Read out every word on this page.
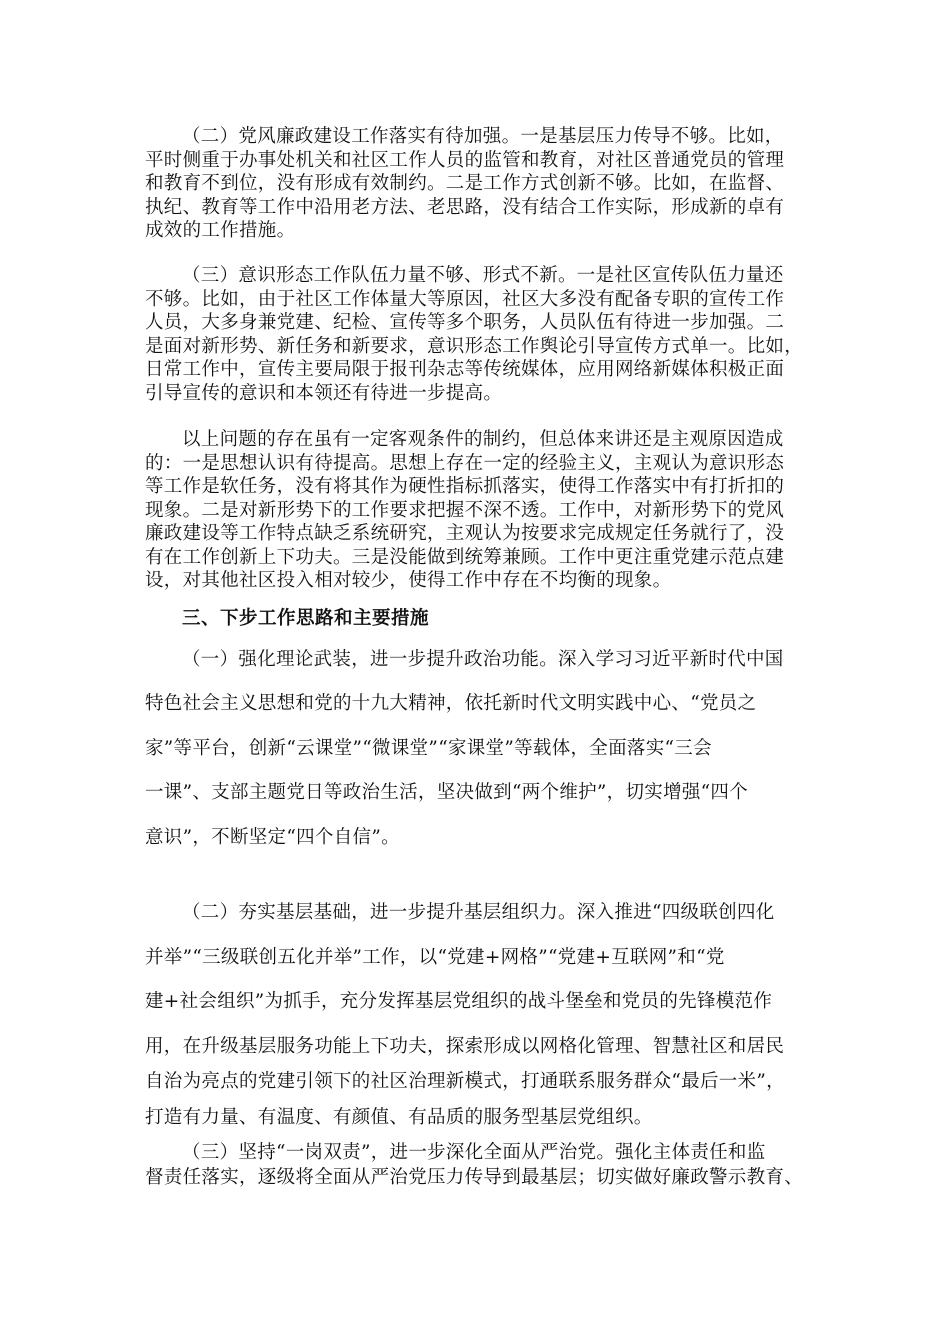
（二）党风廉政建设工作落实有待加强。一是基层压力传导不够。比如，
平时侧重于办事处机关和社区工作人员的监管和教育，对社区普通党员的管理
和教育不到位，没有形成有效制约。二是工作方式创新不够。比如，在监督、
执纪、教育等工作中沿用老方法、老思路，没有结合工作实际，形成新的卓有
成效的工作措施。
（三）意识形态工作队伍力量不够、形式不新。一是社区宣传队伍力量还
不够。比如，由于社区工作体量大等原因，社区大多没有配备专职的宣传工作
人员，大多身兼党建、纪检、宣传等多个职务，人员队伍有待进一步加强。二
是面对新形势、新任务和新要求，意识形态工作舆论引导宣传方式单一。比如，
日常工作中，宣传主要局限于报刊杂志等传统媒体，应用网络新媒体积极正面
引导宣传的意识和本领还有待进一步提高。
以上问题的存在虽有一定客观条件的制约，但总体来讲还是主观原因造成
的：一是思想认识有待提高。思想上存在一定的经验主义，主观认为意识形态
等工作是软任务，没有将其作为硬性指标抓落实，使得工作落实中有打折扣的
现象。二是对新形势下的工作要求把握不深不透。工作中，对新形势下的党风
廉政建设等工作特点缺乏系统研究，主观认为按要求完成规定任务就行了，没
有在工作创新上下功夫。三是没能做到统筹兼顾。工作中更注重党建示范点建
设，对其他社区投入相对较少，使得工作中存在不均衡的现象。
三、下步工作思路和主要措施
（一）强化理论武装，进一步提升政治功能。深入学习习近平新时代中国
特色社会主义思想和党的十九大精神，依托新时代文明实践中心、“党员之
家”等平台，创新“云课堂”“微课堂”“家课堂”等载体，全面落实“三会
一课”、支部主题党日等政治生活，坚决做到“两个维护”，切实增强“四个
意识”，不断坚定“四个自信”。
（二）夯实基层基础，进一步提升基层组织力。深入推进“四级联创四化
并举”“三级联创五化并举”工作，以“党建+网格”“党建+互联网”和“党
建+社会组织”为抓手，充分发挥基层党组织的战斗堡垒和党员的先锋模范作
用，在升级基层服务功能上下功夫，探索形成以网格化管理、智慧社区和居民
自治为亮点的党建引领下的社区治理新模式，打通联系服务群众“最后一米”，
打造有力量、有温度、有颜值、有品质的服务型基层党组织。
（三）坚持“一岗双责”，进一步深化全面从严治党。强化主体责任和监
督责任落实，逐级将全面从严治党压力传导到最基层；切实做好廉政警示教育、
